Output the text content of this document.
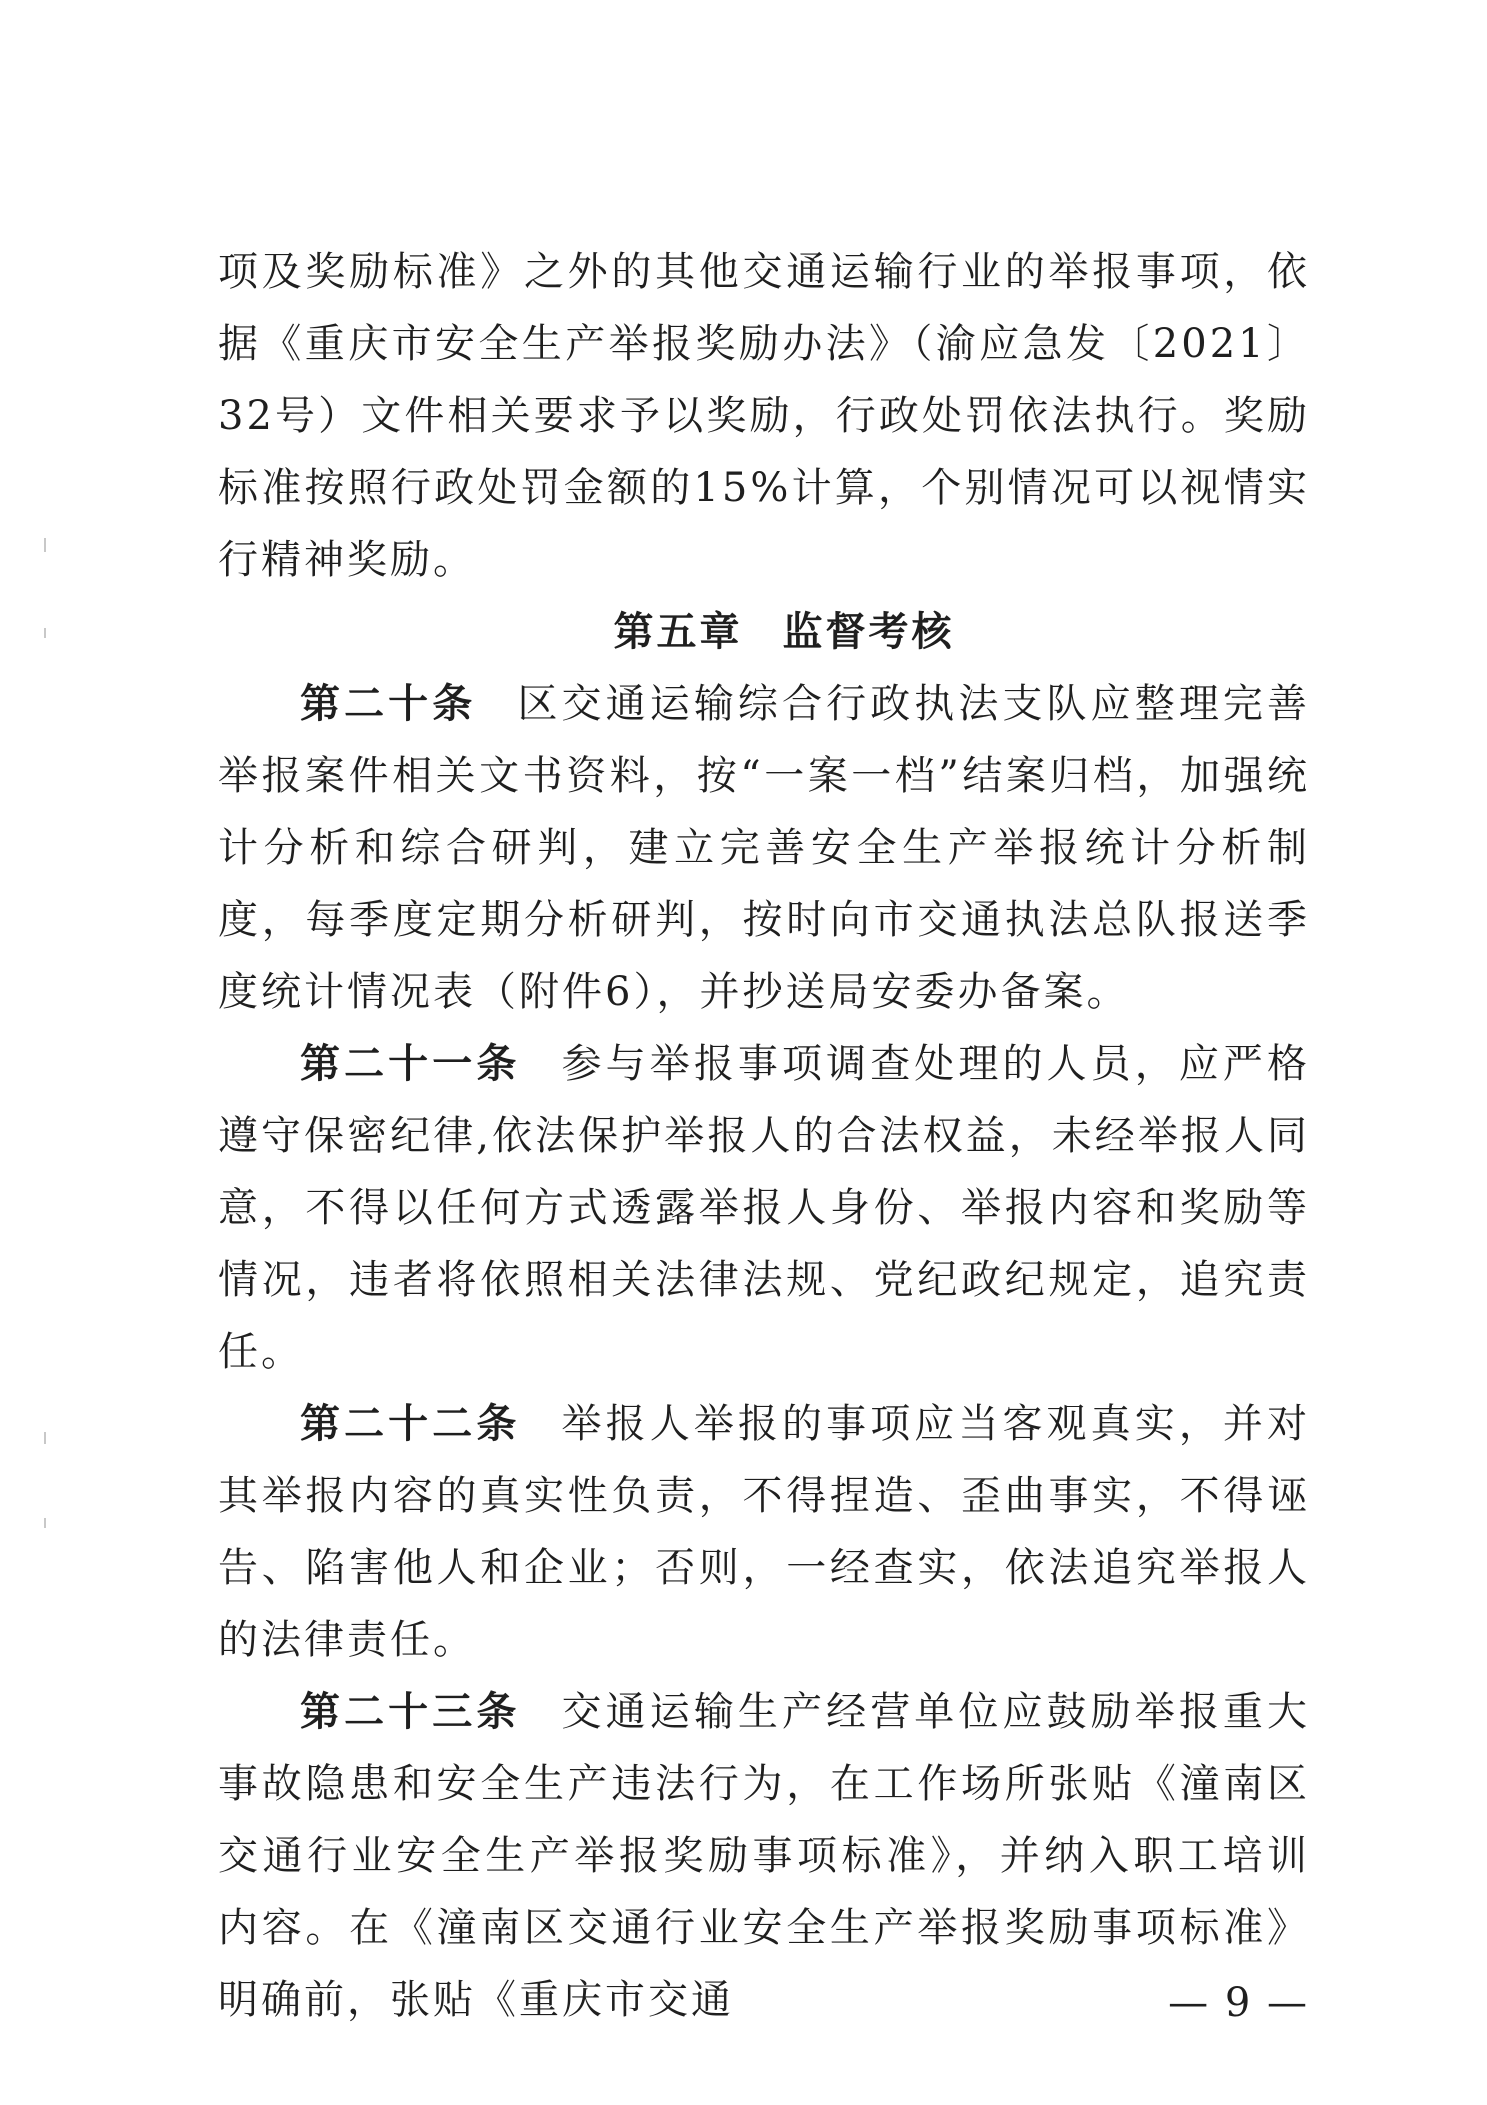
项及奖励标准》之外的其他交通运输行业的举报事项，依据《重庆市安全生产举报奖励办法》（渝应急发〔2021〕32号）文件相关要求予以奖励，行政处罚依法执行。奖励标准按照行政处罚金额的15%计算，个别情况可以视情实行精神奖励。

第五章 监督考核

第二十条 区交通运输综合行政执法支队应整理完善举报案件相关文书资料，按“一案一档”结案归档，加强统计分析和综合研判，建立完善安全生产举报统计分析制度，每季度定期分析研判，按时向市交通执法总队报送季度统计情况表（附件6），并抄送局安委办备案。

第二十一条 参与举报事项调查处理的人员，应严格遵守保密纪律,依法保护举报人的合法权益，未经举报人同意，不得以任何方式透露举报人身份、举报内容和奖励等情况，违者将依照相关法律法规、党纪政纪规定，追究责任。

第二十二条 举报人举报的事项应当客观真实，并对其举报内容的真实性负责，不得捏造、歪曲事实，不得诬告、陷害他人和企业；否则，一经查实，依法追究举报人的法律责任。

第二十三条 交通运输生产经营单位应鼓励举报重大事故隐患和安全生产违法行为，在工作场所张贴《潼南区交通行业安全生产举报奖励事项标准》，并纳入职工培训内容。在《潼南区交通行业安全生产举报奖励事项标准》明确前，张贴《重庆市交通	— 9 —
